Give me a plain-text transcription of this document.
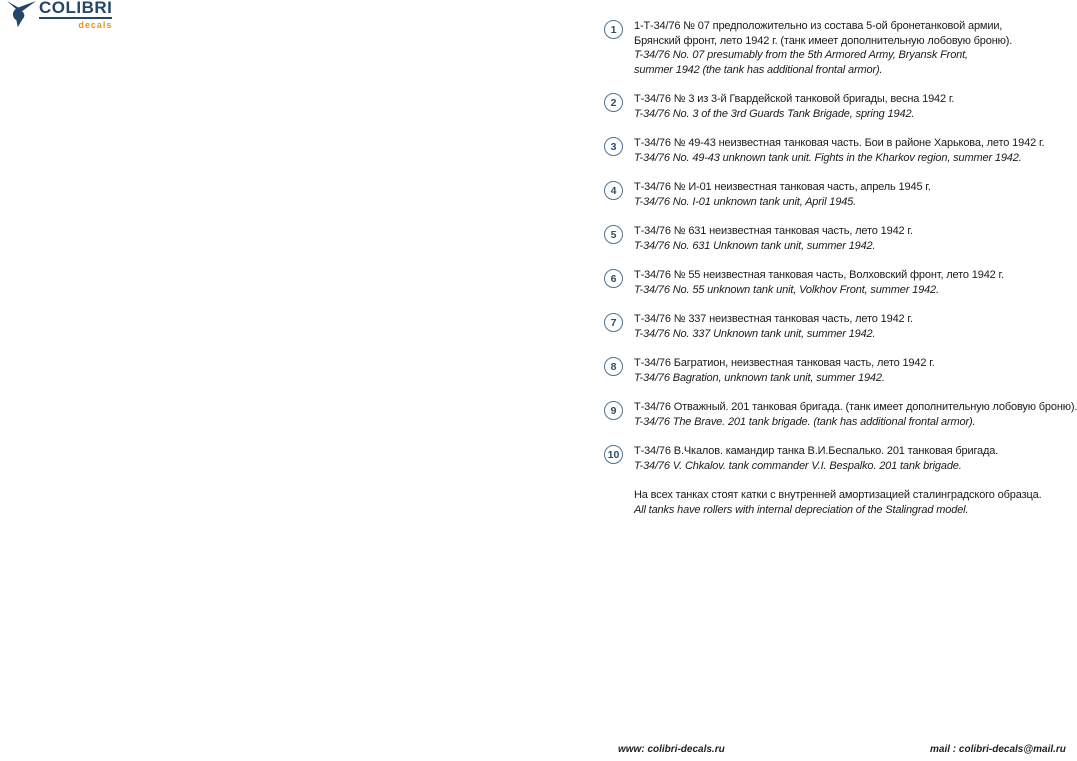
COLIBRI
decals	1	1-Т-34/76 № 07 предположительно из состава 5-ой бронетанковой армии,
Брянский фронт, лето 1942 г. (танк имеет дополнительную лобовую броню).
T-34/76 No. 07 presumably from the 5th Armored Army, Bryansk Front,
summer 1942 (the tank has additional frontal armor).
2	Т-34/76 № 3 из 3-й Гвардейской танковой бригады, весна 1942 г.
T-34/76 No. 3 of the 3rd Guards Tank Brigade, spring 1942.
3	Т-34/76 № 49-43 неизвестная танковая часть. Бои в районе Харькова, лето 1942 г.
T-34/76 No. 49-43 unknown tank unit. Fights in the Kharkov region, summer 1942.
4	Т-34/76 № И-01 неизвестная танковая часть, апрель 1945 г.
T-34/76 No. I-01 unknown tank unit, April 1945.
5	Т-34/76 № 631 неизвестная танковая часть, лето 1942 г.
T-34/76 No. 631 Unknown tank unit, summer 1942.
6	Т-34/76 № 55 неизвестная танковая часть, Волховский фронт, лето 1942 г.
T-34/76 No. 55 unknown tank unit, Volkhov Front, summer 1942.
7	Т-34/76 № 337 неизвестная танковая часть, лето 1942 г.
T-34/76 No. 337 Unknown tank unit, summer 1942.
8	Т-34/76 Багратион, неизвестная танковая часть, лето 1942 г.
T-34/76 Bagration, unknown tank unit, summer 1942.
9	Т-34/76 Отважный. 201 танковая бригада. (танк имеет дополнительную лобовую броню).
T-34/76 The Brave. 201 tank brigade. (tank has additional frontal armor).
10	Т-34/76 В.Чкалов. камандир танка В.И.Беспалько. 201 танковая бригада.
T-34/76 V. Chkalov. tank commander V.I. Bespalko. 201 tank brigade.
На всех танках стоят катки с внутренней амортизацией сталинградского образца.
All tanks have rollers with internal depreciation of the Stalingrad model.
www: colibri-decals.ru	mail : colibri-decals@mail.ru
